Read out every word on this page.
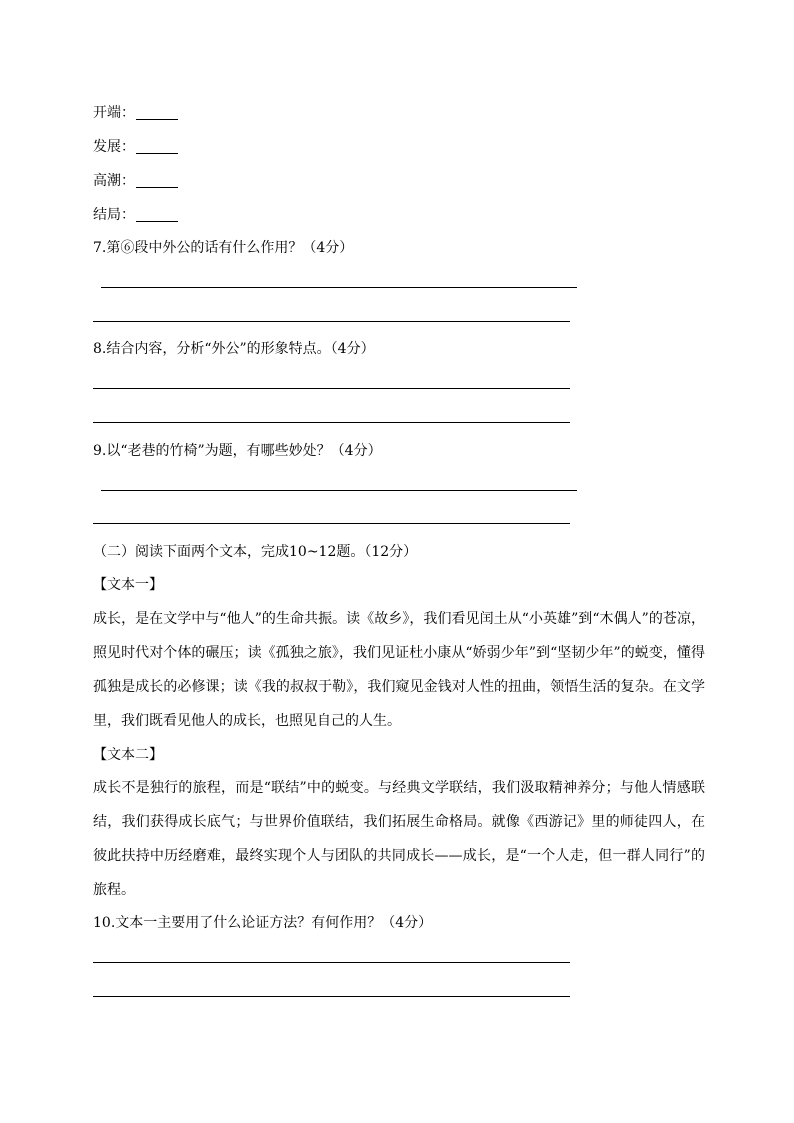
开端：
发展：
高潮：
结局：
7.第⑥段中外公的话有什么作用？（4分）
8.结合内容，分析“外公”的形象特点。（4分）
9.以“老巷的竹椅”为题，有哪些妙处？（4分）
（二）阅读下面两个文本，完成10~12题。（12分）
【文本一】
成长，是在文学中与“他人”的生命共振。读《故乡》，我们看见闰土从“小英雄”到“木偶人”的苍凉，照见时代对个体的碾压；读《孤独之旅》，我们见证杜小康从“娇弱少年”到“坚韧少年”的蜕变，懂得孤独是成长的必修课；读《我的叔叔于勒》，我们窥见金钱对人性的扭曲，领悟生活的复杂。在文学里，我们既看见他人的成长，也照见自己的人生。
【文本二】
成长不是独行的旅程，而是“联结”中的蜕变。与经典文学联结，我们汲取精神养分；与他人情感联结，我们获得成长底气；与世界价值联结，我们拓展生命格局。就像《西游记》里的师徒四人，在彼此扶持中历经磨难，最终实现个人与团队的共同成长——成长，是“一个人走，但一群人同行”的旅程。
10.文本一主要用了什么论证方法？有何作用？（4分）
